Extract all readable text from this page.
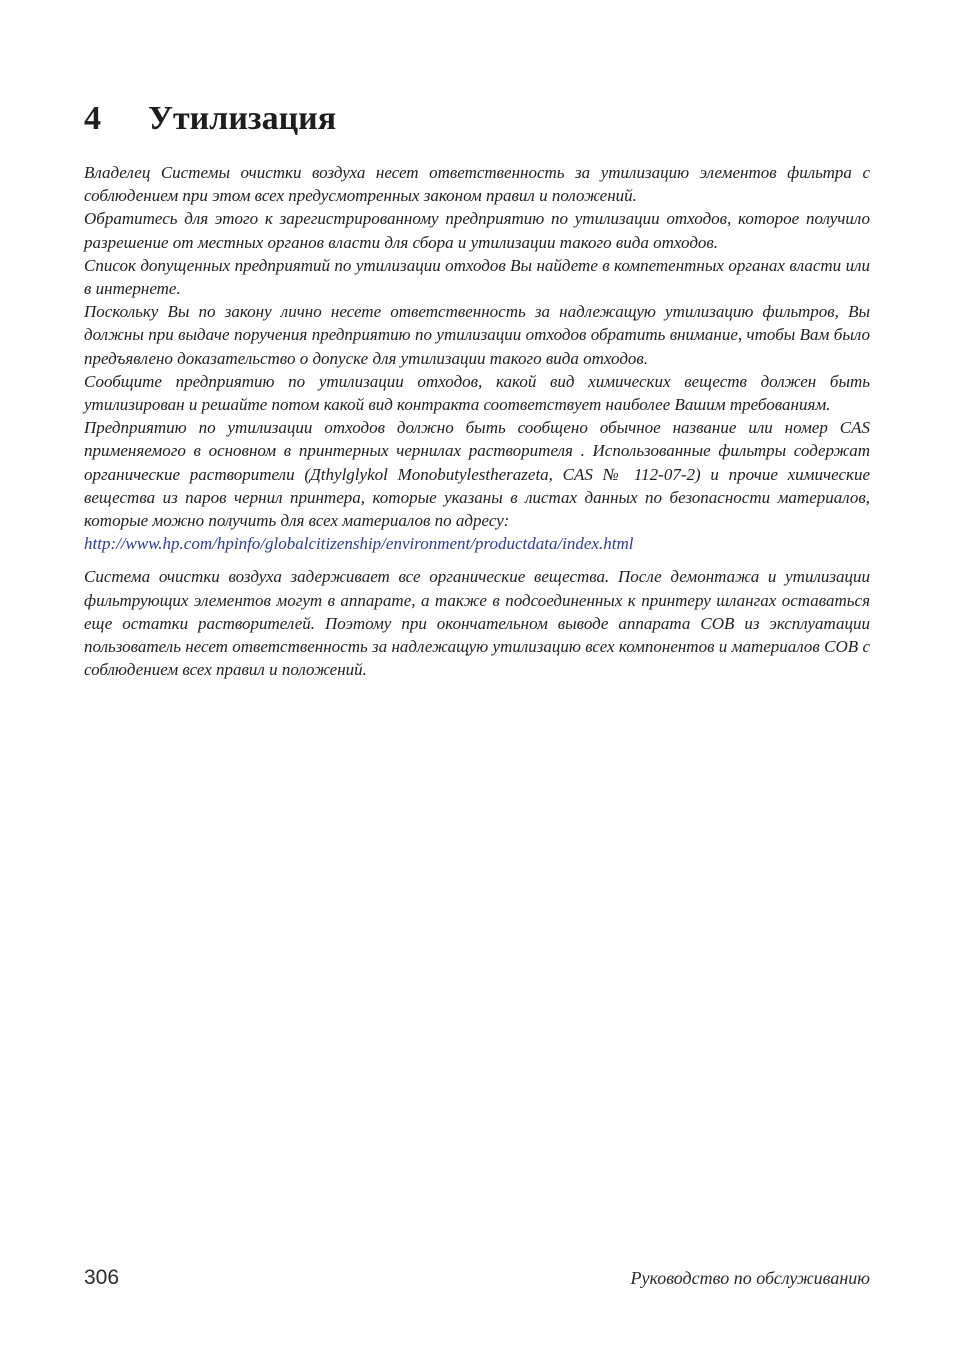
4	Утилизация

Владелец Системы очистки воздуха несет ответственность за утилизацию элементов фильтра с соблюдением при этом всех предусмотренных законом правил и положений.

Обратитесь для этого к зарегистрированному предприятию по утилизации отходов, которое получило разрешение от местных органов власти для сбора и утилизации такого вида отходов.

Список допущенных предприятий по утилизации отходов Вы найдете в компетентных органах власти или в интернете.

Поскольку Вы по закону лично несете ответственность за надлежащую утилизацию фильтров, Вы должны при выдаче поручения предприятию по утилизации отходов обратить внимание, чтобы Вам было предъявлено доказательство о допуске для утилизации такого вида отходов.

Сообщите предприятию по утилизации отходов, какой вид химических веществ должен быть утилизирован и решайте потом какой вид контракта соответствует наиболее Вашим требованиям.

Предприятию по утилизации отходов должно быть сообщено обычное название или номер CAS применяемого в основном в принтерных чернилах растворителя . Использованные фильтры содержат органические растворители (Дthylglykol Monobutylestherazeta, CAS № 112-07-2) и прочие химические вещества из паров чернил принтера, которые указаны в листах данных по безопасности материалов, которые можно получить для всех материалов по адресу:

http://www.hp.com/hpinfo/globalcitizenship/environment/productdata/index.html

Система очистки воздуха задерживает все органические вещества. После демонтажа и утилизации фильтрующих элементов могут в аппарате, а также в подсоединенных к принтеру шлангах оставаться еще остатки растворителей. Поэтому при окончательном выводе аппарата COB из эксплуатации пользователь несет ответственность за надлежащую утилизацию всех компонентов и материалов COB с соблюдением всех правил и положений.

306	Руководство по обслуживанию
